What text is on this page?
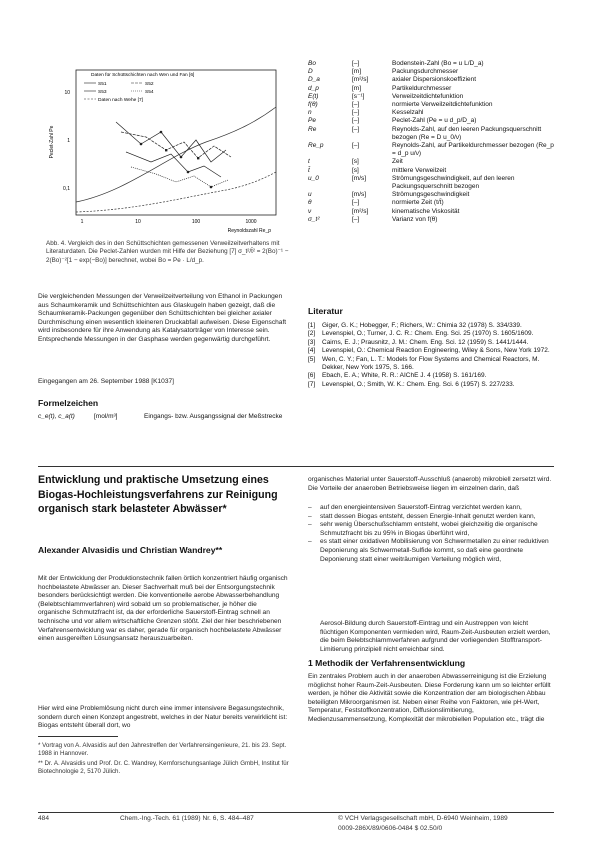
10
1
0,1
1	10	100	1000
Reynoldszahl Re_p
Peclet-Zahl Pe
Daten für Schüttschichten nach Wen und Fan [6]
S51	S52
S53	S54
Daten nach Wehe [7]
Abb. 4. Vergleich des in den Schüttschichten gemessenen Verweilzeitverhaltens mit Literaturdaten. Die Peclet-Zahlen wurden mit Hilfe der Beziehung [7] σ_t²/t̄² = 2(Bo)⁻¹ − 2(Bo)⁻²[1 − exp(−Bo)] berechnet, wobei Bo = Pe · L/d_p.
Die vergleichenden Messungen der Verweilzeitverteilung von Ethanol in Packungen aus Schaumkeramik und Schüttschichten aus Glaskugeln haben gezeigt, daß die Schaumkeramik-Packungen gegenüber den Schüttschichten bei gleicher axialer Durchmischung einen wesentlich kleineren Druckabfall aufweisen. Diese Eigenschaft wird insbesondere für ihre Anwendung als Katalysatorträger von Interesse sein. Entsprechende Messungen in der Gasphase werden gegenwärtig durchgeführt.
Eingegangen am 26. September 1988 [K1037]
Formelzeichen
c_e(t), c_a(t)	[mol/m³]	Eingangs- bzw. Ausgangssignal der Meßstrecke
Bo	[–]	Bodenstein-Zahl (Bo = u L/D_a)
D	[m]	Packungsdurchmesser
D_a	[m²/s]	axialer Dispersionskoeffizient
d_p	[m]	Partikeldurchmesser
E(t)	[s⁻¹]	Verweilzeitdichtefunktion
f(θ)	[–]	normierte Verweilzeitdichtefunktion
n	[–]	Kesselzahl
Pe	[–]	Peclet-Zahl (Pe = u d_p/D_a)
Re	[–]	Reynolds-Zahl, auf den leeren Packungsquerschnitt bezogen (Re = D u_0/ν)
Re_p	[–]	Reynolds-Zahl, auf Partikeldurchmesser bezogen (Re_p = d_p u/ν)
t	[s]	Zeit
t̄	[s]	mittlere Verweilzeit
u_0	[m/s]	Strömungsgeschwindigkeit, auf den leeren Packungsquerschnitt bezogen
u	[m/s]	Strömungsgeschwindigkeit
θ	[–]	normierte Zeit (t/t̄)
ν	[m²/s]	kinematische Viskosität
σ_t²	[–]	Varianz von f(θ)
Literatur
[1]	Giger, G. K.; Hobegger, F.; Richers, W.: Chimia 32 (1978) S. 334/339.
[2]	Levenspiel, O.; Turner, J. C. R.: Chem. Eng. Sci. 25 (1970) S. 1605/1609.
[3]	Cairns, E. J.; Prausnitz, J. M.: Chem. Eng. Sci. 12 (1959) S. 1441/1444.
[4]	Levenspiel, O.: Chemical Reaction Engineering, Wiley & Sons, New York 1972.
[5]	Wen, C. Y.; Fan, L. T.: Models for Flow Systems and Chemical Reactors, M. Dekker, New York 1975, S. 166.
[6]	Ebach, E. A.; White, R. R.: AIChE J. 4 (1958) S. 161/169.
[7]	Levenspiel, O.; Smith, W. K.: Chem. Eng. Sci. 6 (1957) S. 227/233.
Entwicklung und praktische Umsetzung eines Biogas-Hochleistungsverfahrens zur Reinigung organisch stark belasteter Abwässer*
Alexander Alvasidis und Christian Wandrey**
Mit der Entwicklung der Produktionstechnik fallen örtlich konzentriert häufig organisch hochbelastete Abwässer an. Dieser Sachverhalt muß bei der Entsorgungstechnik besonders berücksichtigt werden. Die konventionelle aerobe Abwasserbehandlung (Belebtschlammverfahren) wird sobald um so problematischer, je höher die organische Schmutzfracht ist, da der erforderliche Sauerstoff-Eintrag schnell an technische und vor allem wirtschaftliche Grenzen stößt. Ziel der hier beschriebenen Verfahrensentwicklung war es daher, gerade für organisch hochbelastete Abwässer einen ausgereiften Lösungsansatz herauszuarbeiten.
Hier wird eine Problemlösung nicht durch eine immer intensivere Begasungstechnik, sondern durch einen Konzept angestrebt, welches in der Natur bereits verwirklicht ist: Biogas entsteht überall dort, wo
* Vortrag von A. Alvasidis auf den Jahrestreffen der Verfahrensingenieure, 21. bis 23. Sept. 1988 in Hannover.
** Dr. A. Alvasidis und Prof. Dr. C. Wandrey, Kernforschungsanlage Jülich GmbH, Institut für Biotechnologie 2, 5170 Jülich.
organisches Material unter Sauerstoff-Ausschluß (anaerob) mikrobiell zersetzt wird. Die Vorteile der anaeroben Betriebsweise liegen im einzelnen darin, daß
–	auf den energieintensiven Sauerstoff-Eintrag verzichtet werden kann,
–	statt dessen Biogas entsteht, dessen Energie-Inhalt genutzt werden kann,
–	sehr wenig Überschußschlamm entsteht, wobei gleichzeitig die organische Schmutzfracht bis zu 95% in Biogas überführt wird,
–	es statt einer oxidativen Mobilisierung von Schwermetallen zu einer reduktiven Deponierung als Schwermetall-Sulfide kommt, so daß eine geordnete Deponierung statt einer weiträumigen Verteilung möglich wird,
Aerosol-Bildung durch Sauerstoff-Eintrag und ein Austreppen von leicht flüchtigen Komponenten vermieden wird, Raum-Zeit-Ausbeuten erzielt werden, die beim Belebtschlammverfahren aufgrund der vorliegenden Stofftransport-Limitierung prinzipiell nicht erreichbar sind.
1 Methodik der Verfahrensentwicklung
Ein zentrales Problem auch in der anaeroben Abwasserreinigung ist die Erzielung möglichst hoher Raum-Zeit-Ausbeuten. Diese Forderung kann um so leichter erfüllt werden, je höher die Aktivität sowie die Konzentration der am biologischen Abbau beteiligten Mikroorganismen ist. Neben einer Reihe von Faktoren, wie pH-Wert, Temperatur, Feststoffkonzentration, Diffusionslimitierung, Medienzusammensetzung, Komplexität der mikrobiellen Population etc., trägt die
484	Chem.-Ing.-Tech. 61 (1989) Nr. 6, S. 484–487	© VCH Verlagsgesellschaft mbH, D-6940 Weinheim, 1989
0009-286X/89/0606-0484 $ 02.50/0
